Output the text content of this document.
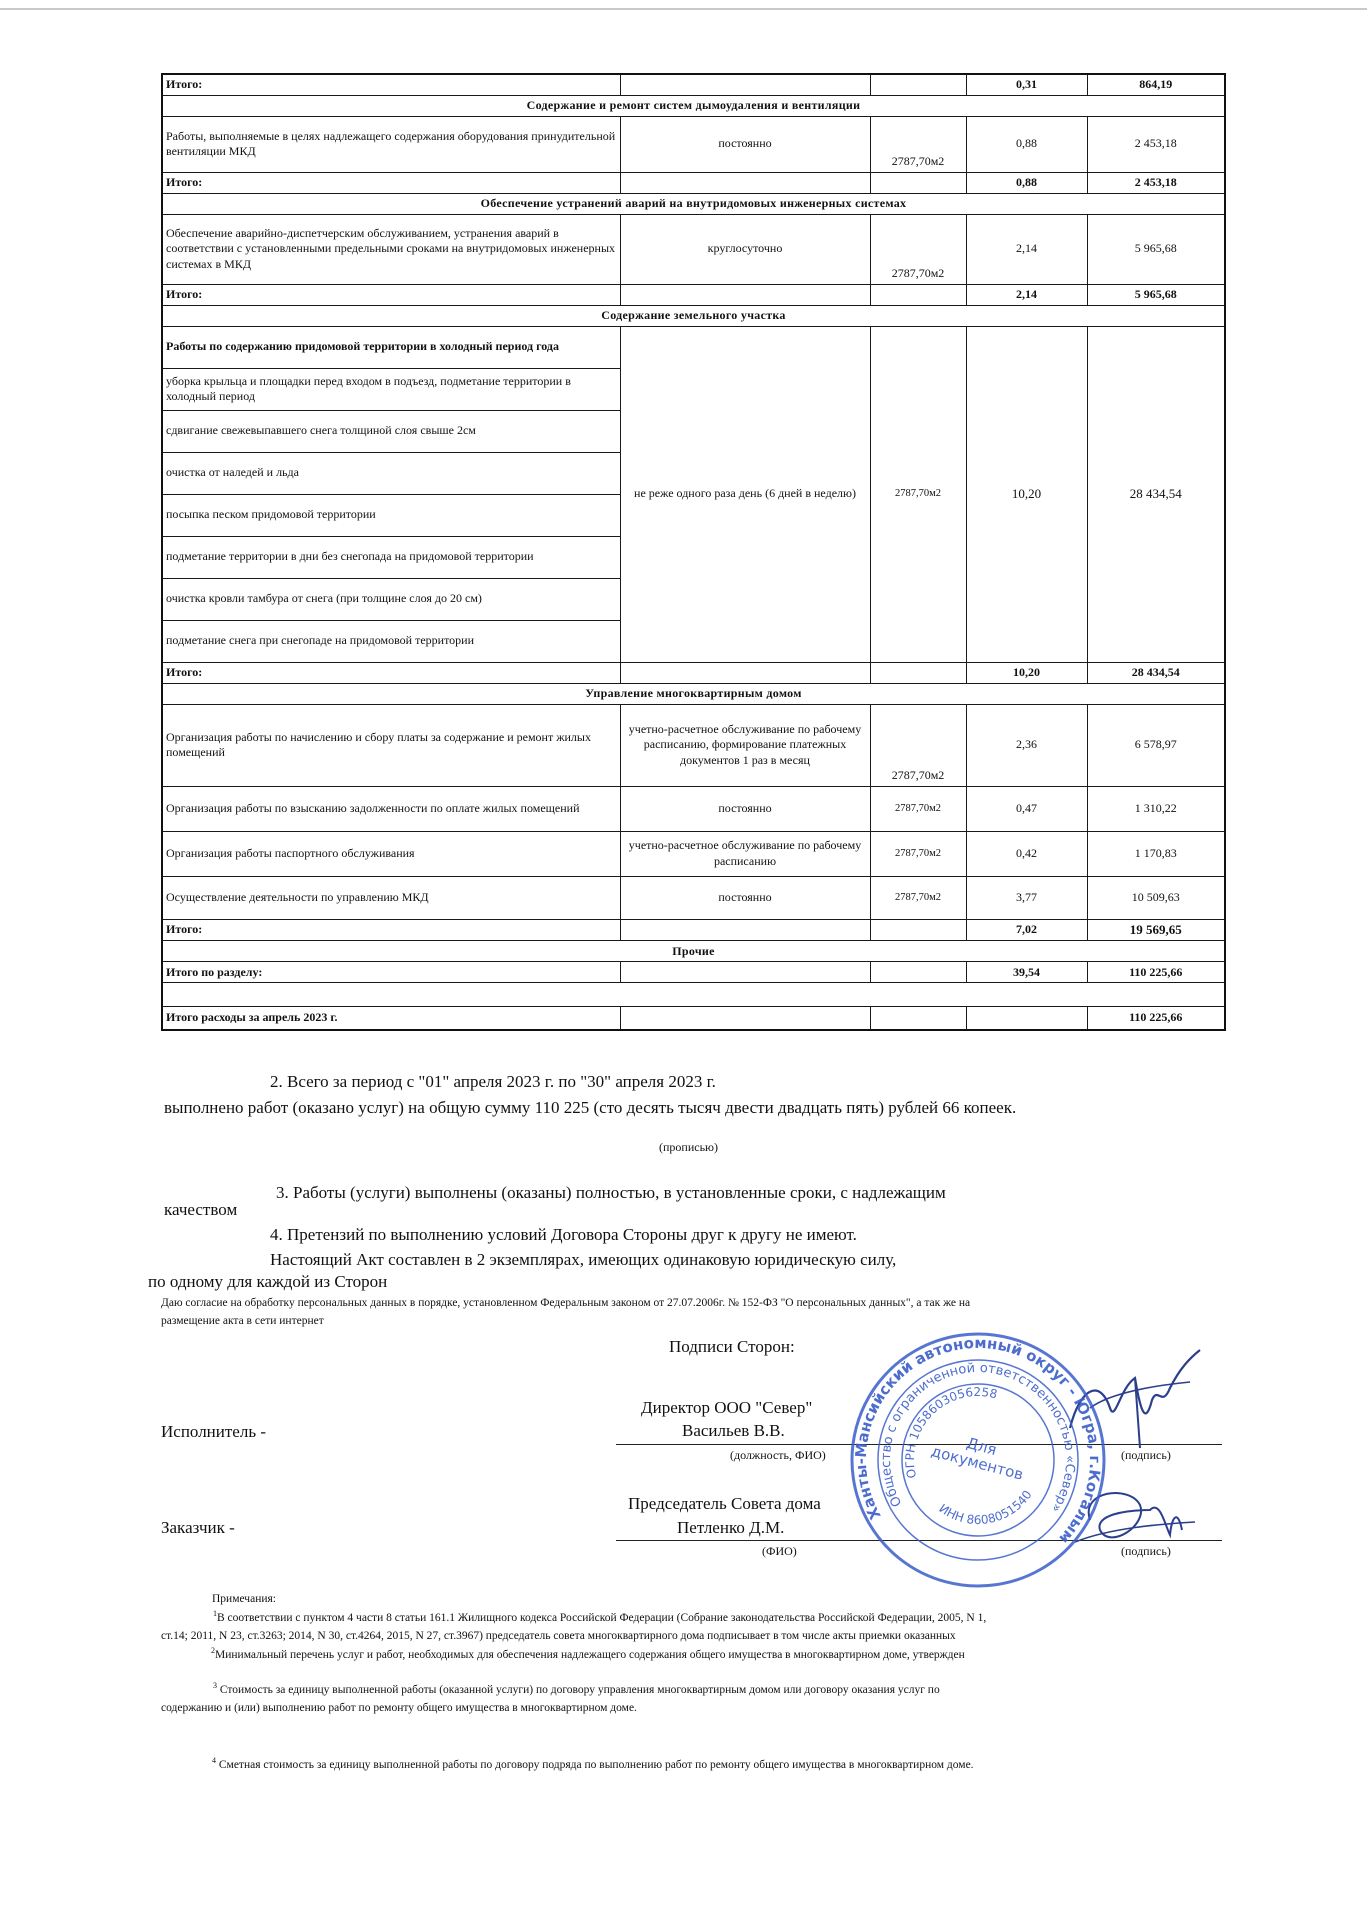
Итого:			0,31	864,19
Содержание и ремонт систем дымоудаления и вентиляции				
Работы, выполняемые в целях надлежащего содержания оборудования принудительной вентиляции МКД	постоянно	2787,70м2	0,88	2 453,18
Итого:			0,88	2 453,18
Обеспечение устранений аварий на внутридомовых инженерных системах				
Обеспечение аварийно-диспетчерским обслуживанием, устранения аварий в соответствии с установленными предельными сроками на внутридомовых инженерных системах в МКД	круглосуточно	2787,70м2	2,14	5 965,68
Итого:			2,14	5 965,68
Содержание земельного участка				
Работы по содержанию придомовой территории в холодный период года	не реже одного раза день (6 дней в неделю)	2787,70м2	10,20	28 434,54
уборка крыльца и площадки перед входом в подъезд, подметание территории в холодный период				
сдвигание свежевыпавшего снега толщиной слоя свыше 2см				
очистка от наледей и льда				
посыпка песком придомовой территории				
подметание территории в дни без снегопада на придомовой территории				
очистка кровли тамбура от снега (при толщине слоя до 20 см)				
подметание снега при снегопаде на придомовой территории				
Итого:			10,20	28 434,54
Управление многоквартирным домом				
Организация работы по начислению и сбору платы за содержание и ремонт жилых помещений	учетно-расчетное обслуживание по рабочему расписанию, формирование платежных документов 1 раз в месяц	2787,70м2	2,36	6 578,97
Организация работы по взысканию задолженности по оплате жилых помещений	постоянно	2787,70м2	0,47	1 310,22
Организация работы паспортного обслуживания	учетно-расчетное обслуживание по рабочему расписанию	2787,70м2	0,42	1 170,83
Осуществление деятельности по управлению МКД	постоянно	2787,70м2	3,77	10 509,63
Итого:			7,02	19 569,65
Прочие				
Итого по разделу:			39,54	110 225,66

Итого расходы за апрель 2023 г.				110 225,66
2. Всего за период с "01" апреля 2023 г. по "30" апреля 2023 г.
выполнено работ (оказано услуг) на общую сумму 110 225 (сто десять тысяч двести двадцать пять) рублей 66 копеек.
(прописью)
3. Работы (услуги) выполнены (оказаны) полностью, в установленные сроки, с надлежащим
качеством
4. Претензий по выполнению условий Договора Стороны друг к другу не имеют.
Настоящий Акт составлен в 2 экземплярах, имеющих одинаковую юридическую силу,
по одному для каждой из Сторон
Даю согласие на обработку персональных данных в порядке, установленном Федеральным законом от 27.07.2006г. № 152-ФЗ "О персональных данных", а так же на
размещение акта в сети интернет
Подписи Сторон:
Директор ООО "Север"
Исполнитель -	Васильев В.В.
(должность, ФИО)	(подпись)
Председатель Совета дома
Заказчик -	Петленко Д.М.
(ФИО)	(подпись)
Ханты-Мансийский автономный округ - Югра, г.Когалым
Общество с ограниченной ответственностью «Север»
ОГРН 1058603056258
ИНН 8608051540
Для документов
Примечания:
$^1$В соответствии с пунктом 4 части 8 статьи 161.1 Жилищного кодекса Российской Федерации (Собрание законодательства Российской Федерации, 2005, N 1,
ст.14; 2011, N 23, ст.3263; 2014, N 30, ст.4264, 2015, N 27, ст.3967) председатель совета многоквартирного дома подписывает в том числе акты приемки оказанных
$^2$Минимальный перечень услуг и работ, необходимых для обеспечения надлежащего содержания общего имущества в многоквартирном доме, утвержден
$^3$ Стоимость за единицу выполненной работы (оказанной услуги) по договору управления многоквартирным домом или договору оказания услуг по
содержанию и (или) выполнению работ по ремонту общего имущества в многоквартирном доме.
$^4$ Сметная стоимость за единицу выполненной работы по договору подряда по выполнению работ по ремонту общего имущества в многоквартирном доме.
